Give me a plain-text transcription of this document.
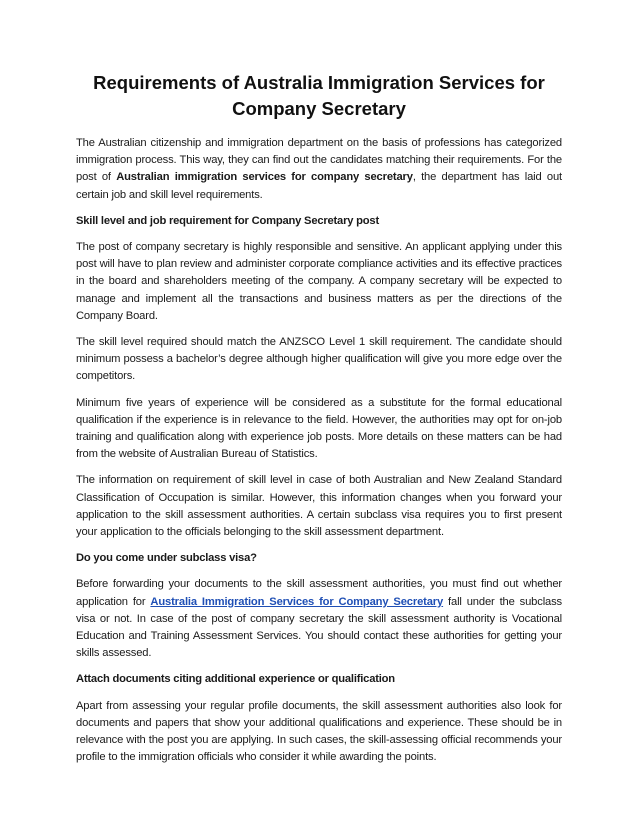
Requirements of Australia Immigration Services for
Company Secretary

The Australian citizenship and immigration department on the basis of professions has categorized immigration process. This way, they can find out the candidates matching their requirements. For the post of Australian immigration services for company secretary, the department has laid out certain job and skill level requirements.

Skill level and job requirement for Company Secretary post

The post of company secretary is highly responsible and sensitive. An applicant applying under this post will have to plan review and administer corporate compliance activities and its effective practices in the board and shareholders meeting of the company. A company secretary will be expected to manage and implement all the transactions and business matters as per the directions of the Company Board.

The skill level required should match the ANZSCO Level 1 skill requirement. The candidate should minimum possess a bachelor’s degree although higher qualification will give you more edge over the competitors.

Minimum five years of experience will be considered as a substitute for the formal educational qualification if the experience is in relevance to the field. However, the authorities may opt for on-job training and qualification along with experience job posts. More details on these matters can be had from the website of Australian Bureau of Statistics.

The information on requirement of skill level in case of both Australian and New Zealand Standard Classification of Occupation is similar. However, this information changes when you forward your application to the skill assessment authorities. A certain subclass visa requires you to first present your application to the officials belonging to the skill assessment department.

Do you come under subclass visa?

Before forwarding your documents to the skill assessment authorities, you must find out whether application for Australia Immigration Services for Company Secretary fall under the subclass visa or not. In case of the post of company secretary the skill assessment authority is Vocational Education and Training Assessment Services. You should contact these authorities for getting your skills assessed.

Attach documents citing additional experience or qualification

Apart from assessing your regular profile documents, the skill assessment authorities also look for documents and papers that show your additional qualifications and experience. These should be in relevance with the post you are applying. In such cases, the skill-assessing official recommends your profile to the immigration officials who consider it while awarding the points.
